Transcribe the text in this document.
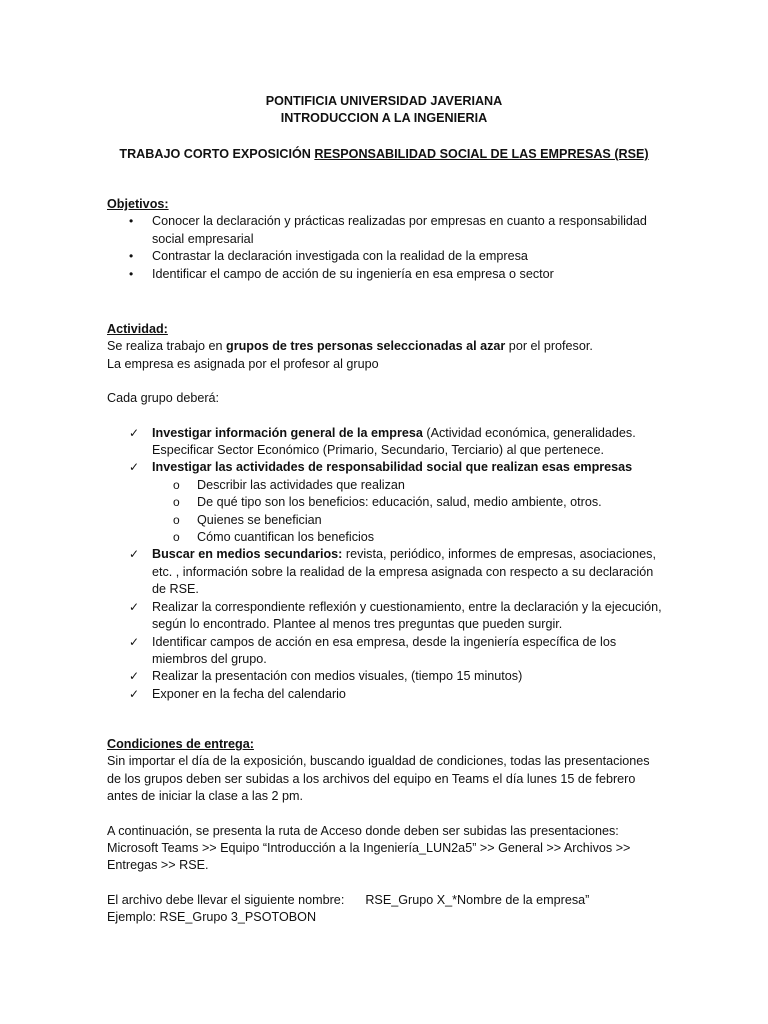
PONTIFICIA UNIVERSIDAD JAVERIANA
INTRODUCCION A LA INGENIERIA
TRABAJO CORTO EXPOSICIÓN RESPONSABILIDAD SOCIAL DE LAS EMPRESAS (RSE)
Objetivos:
• Conocer la declaración y prácticas realizadas por empresas en cuanto a responsabilidad social empresarial
• Contrastar la declaración investigada con la realidad de la empresa
• Identificar el campo de acción de su ingeniería en esa empresa o sector
Actividad:

Se realiza trabajo en grupos de tres personas seleccionadas al azar por el profesor.

La empresa es asignada por el profesor al grupo

Cada grupo deberá:

✓ Investigar información general de la empresa (Actividad económica, generalidades. Especificar Sector Económico (Primario, Secundario, Terciario) al que pertenece.
✓ Investigar las actividades de responsabilidad social que realizan esas empresas
o Describir las actividades que realizan
o De qué tipo son los beneficios: educación, salud, medio ambiente, otros.
o Quienes se benefician
o Cómo cuantifican los beneficios
✓ Buscar en medios secundarios: revista, periódico, informes de empresas, asociaciones, etc. , información sobre la realidad de la empresa asignada con respecto a su declaración de RSE.
✓ Realizar la correspondiente reflexión y cuestionamiento, entre la declaración y la ejecución, según lo encontrado. Plantee al menos tres preguntas que pueden surgir.
✓ Identificar campos de acción en esa empresa, desde la ingeniería específica de los miembros del grupo.
✓ Realizar la presentación con medios visuales, (tiempo 15 minutos)
✓ Exponer en la fecha del calendario
Condiciones de entrega:

Sin importar el día de la exposición, buscando igualdad de condiciones, todas las presentaciones de los grupos deben ser subidas a los archivos del equipo en Teams el día lunes 15 de febrero antes de iniciar la clase a las 2 pm.

A continuación, se presenta la ruta de Acceso donde deben ser subidas las presentaciones: Microsoft Teams >> Equipo “Introducción a la Ingeniería_LUN2a5” >> General >> Archivos >> Entregas >> RSE.

El archivo debe llevar el siguiente nombre: RSE_Grupo X_*Nombre de la empresa”

Ejemplo: RSE_Grupo 3_PSOTOBON
